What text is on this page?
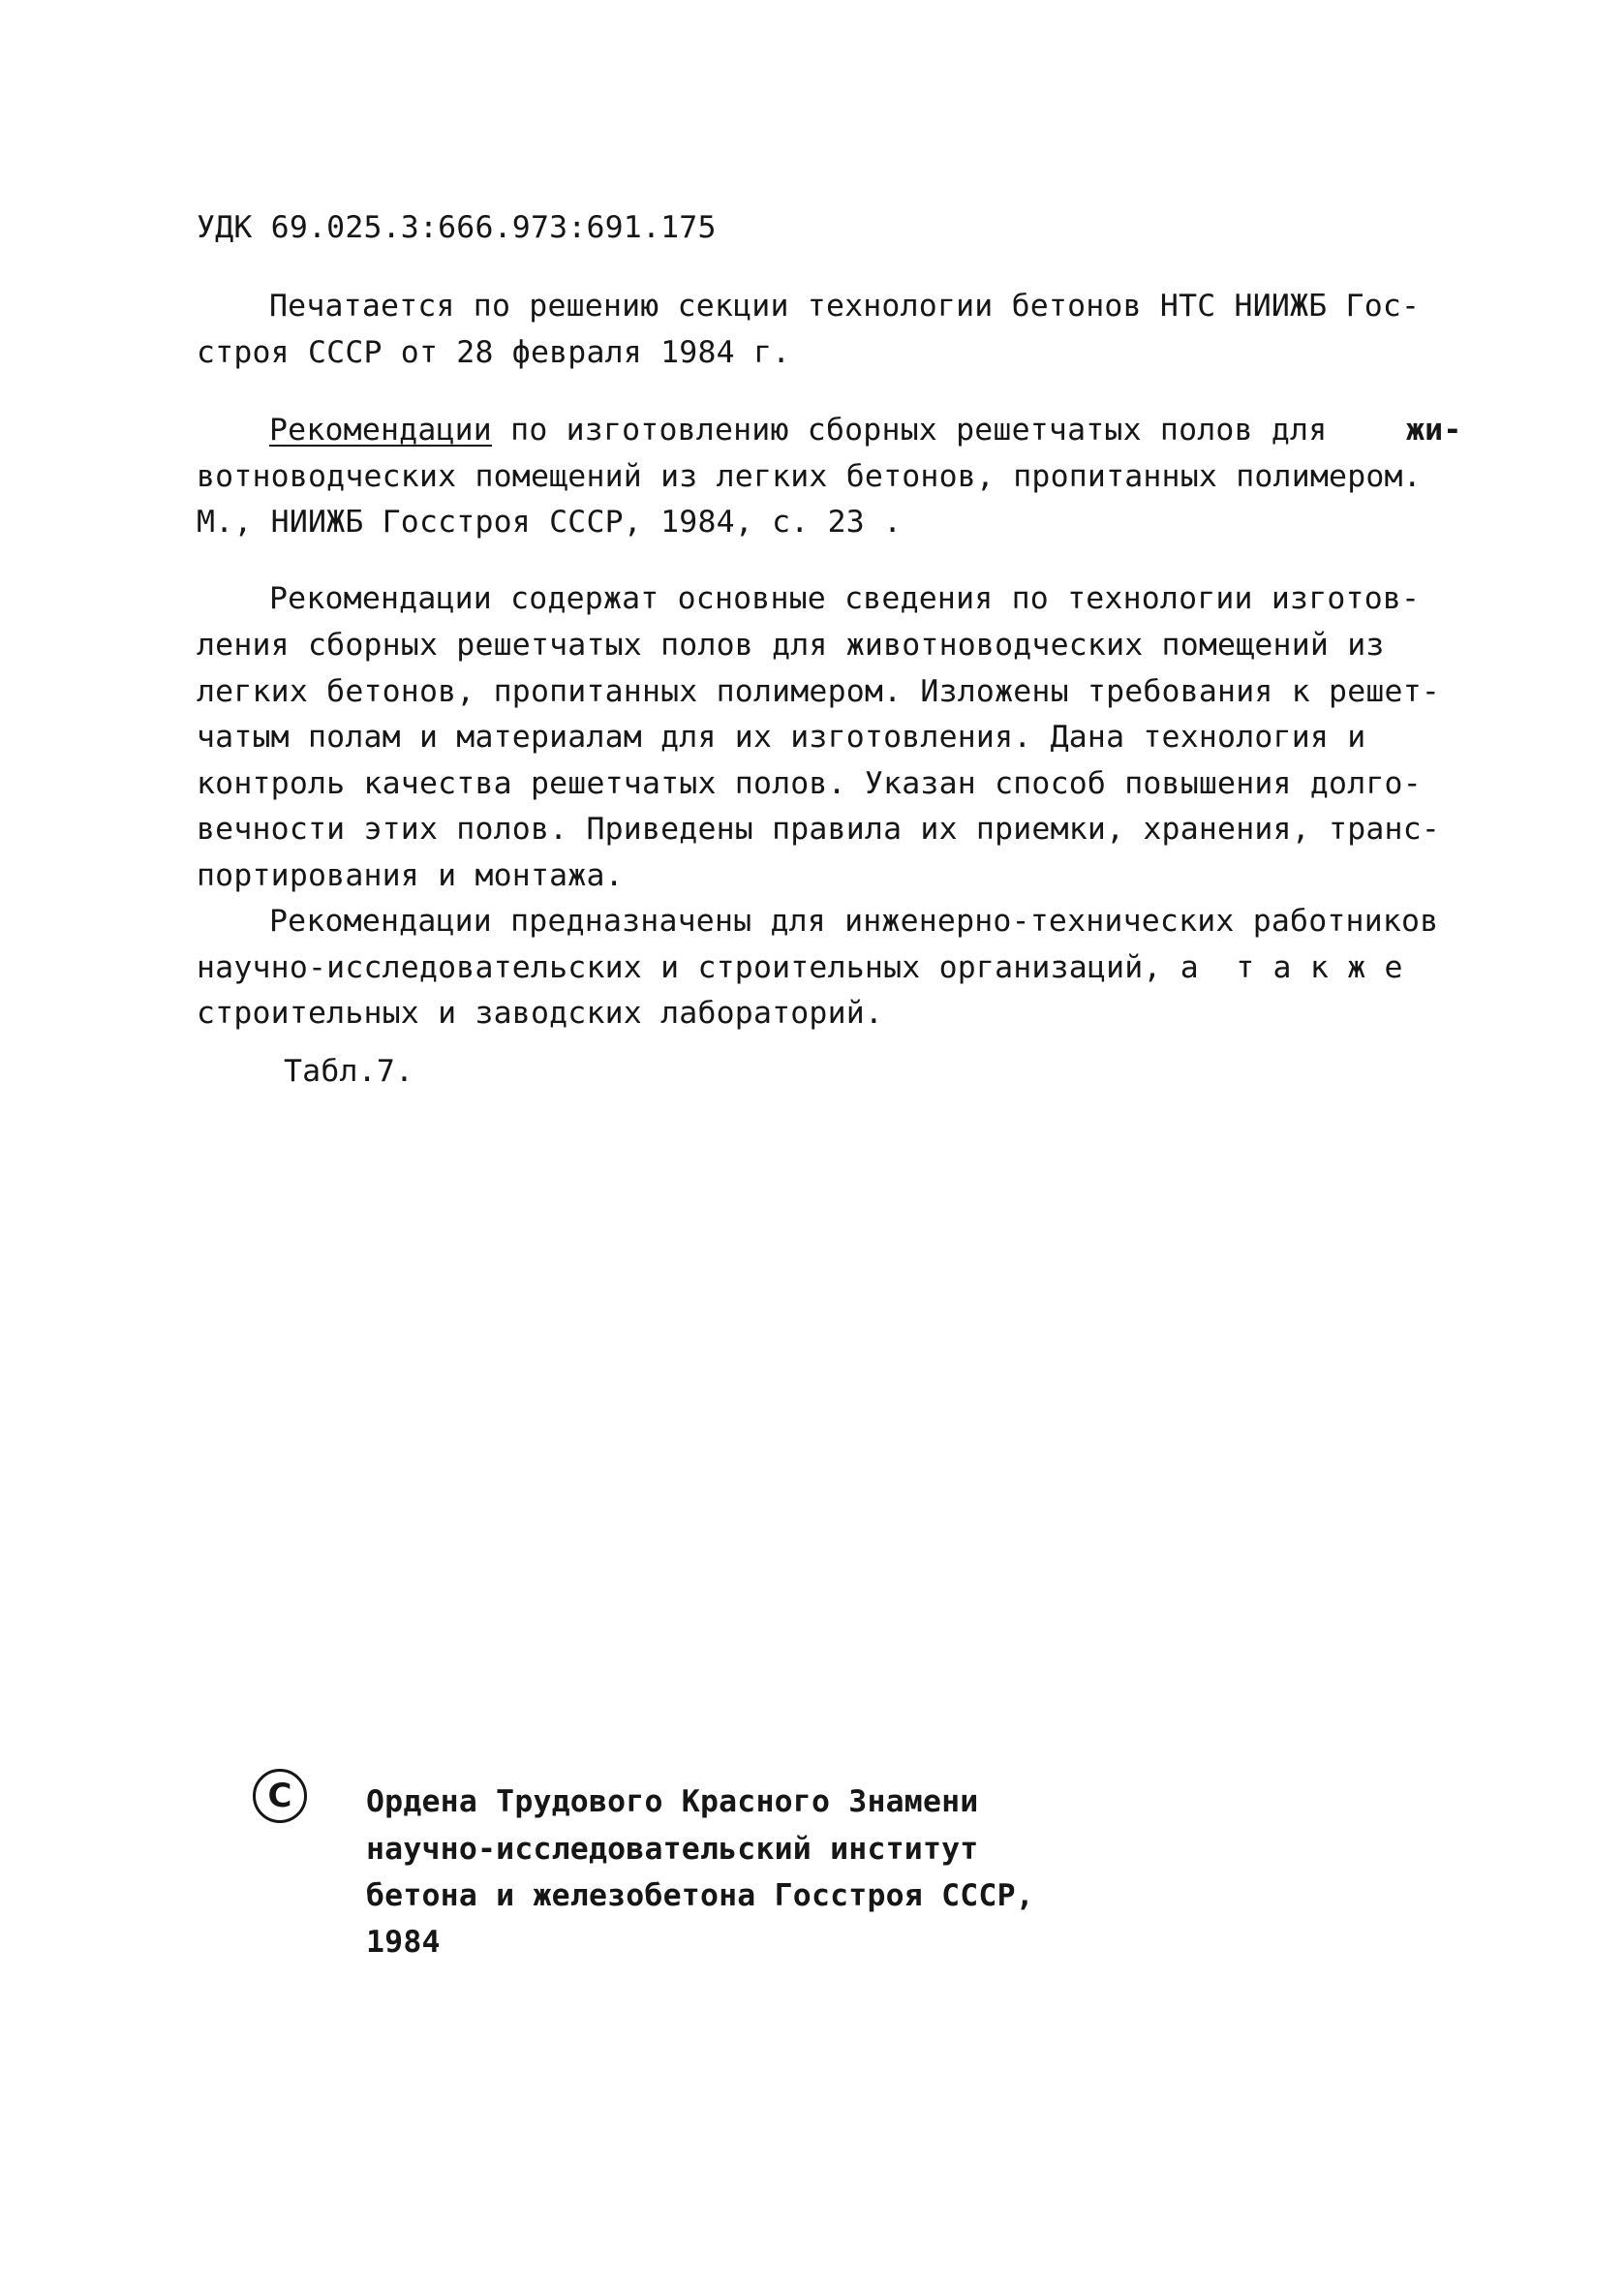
УДК 69.025.3:666.973:691.175
Печатается по решению секции технологии бетонов НТС НИИЖБ Гос-
строя СССР от 28 февраля 1984 г.
Рекомендации по изготовлению сборных решетчатых полов для жи-
вотноводческих помещений из легких бетонов, пропитанных полимером.
М., НИИЖБ Госстроя СССР, 1984, с. 23 .
Рекомендации содержат основные сведения по технологии изготов-
ления сборных решетчатых полов для животноводческих помещений из
легких бетонов, пропитанных полимером. Изложены требования к решет-
чатым полам и материалам для их изготовления. Дана технология и
контроль качества решетчатых полов. Указан способ повышения долго-
вечности этих полов. Приведены правила их приемки, хранения, транс-
портирования и монтажа.
Рекомендации предназначены для инженерно-технических работников
научно-исследовательских и строительных организаций, а  т а к ж е
строительных и заводских лабораторий.
Табл.7.
C Ордена Трудового Красного Знамени
научно-исследовательский институт
бетона и железобетона Госстроя СССР,
1984
